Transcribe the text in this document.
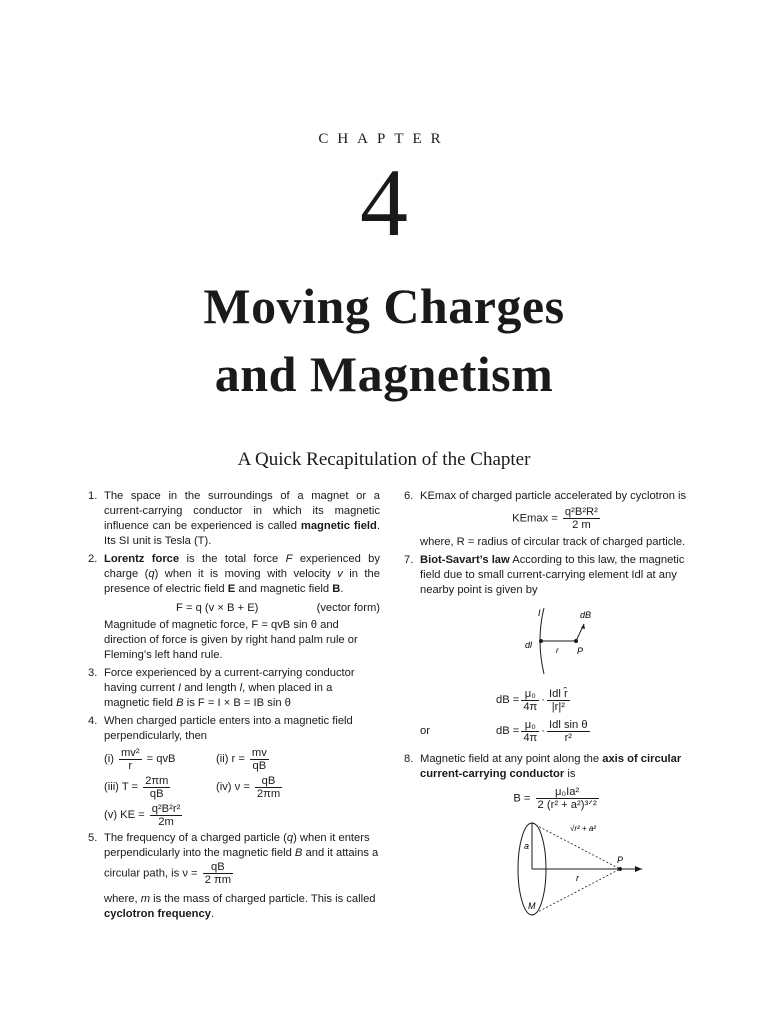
CHAPTER
4
Moving Charges
and Magnetism
A Quick Recapitulation of the Chapter
1. The space in the surroundings of a magnet or a current-carrying conductor in which its magnetic influence can be experienced is called magnetic field. Its SI unit is Tesla (T).
2. Lorentz force is the total force F experienced by charge (q) when it is moving with velocity v in the presence of electric field E and magnetic field B.
F = q (v × B + E)	(vector form)
Magnitude of magnetic force, F = qvB sin θ and direction of force is given by right hand palm rule or Fleming’s left hand rule.
3. Force experienced by a current-carrying conductor having current I and length l, when placed in a magnetic field B is F = I × B = IB sin θ
4. When charged particle enters into a magnetic field perpendicularly, then
$(i) \frac{\text{mv²}}{r}$ = qvB	(ii) $r = \frac{mv}{qB}$
(iii) $T = \frac{2\pi m}{qB}$	(iv) $\nu = \frac{qB}{2\pi m}$
(v) KE = $\frac{\text{q²B²r²}}{2m}$
5. The frequency of a charged particle (q) when it enters perpendicularly into the magnetic field B and it attains a circular path, is $\nu = \frac{qB}{2 \pi m}$
where, m is the mass of charged particle. This is called cyclotron frequency.
6. KEmax of charged particle accelerated by cyclotron is
$KEmax = \frac{\text{q²B²R²}}{2 m}$
where, R = radius of circular track of charged particle.
7. Biot-Savart’s law According to this law, the magnetic field due to small current-carrying element Idl at any nearby point is given by
I	dB
dl
r P
dB = $\frac{\text{μ₀}}{4\pi} \cdot \frac{\text{Idl r̂}}{\text{|r|²}}$
or	dB = $\frac{\text{μ₀}}{4\pi} \cdot \frac{\text{Idl sin θ}}{\text{r²}}$
8. Magnetic field at any point along the axis of circular current-carrying conductor is
$B = \frac{\text{μ₀Ia²}}{\text{2 (r² + a²)³ᐟ²}}$
√r² + a²
a
r
P
M
